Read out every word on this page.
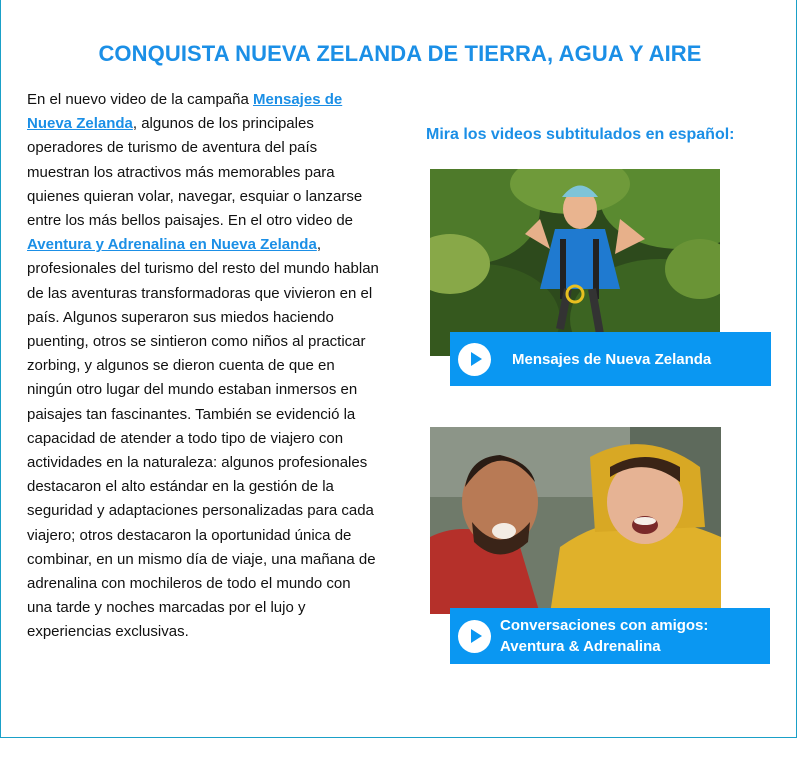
CONQUISTA NUEVA ZELANDA DE TIERRA, AGUA Y AIRE
En el nuevo video de la campaña Mensajes de Nueva Zelanda, algunos de los principales operadores de turismo de aventura del país muestran los atractivos más memorables para quienes quieran volar, navegar, esquiar o lanzarse entre los más bellos paisajes. En el otro video de Aventura y Adrenalina en Nueva Zelanda, profesionales del turismo del resto del mundo hablan de las aventuras transformadoras que vivieron en el país. Algunos superaron sus miedos haciendo puenting, otros se sintieron como niños al practicar zorbing, y algunos se dieron cuenta de que en ningún otro lugar del mundo estaban inmersos en paisajes tan fascinantes. También se evidenció la capacidad de atender a todo tipo de viajero con actividades en la naturaleza: algunos profesionales destacaron el alto estándar en la gestión de la seguridad y adaptaciones personalizadas para cada viajero; otros destacaron la oportunidad única de combinar, en un mismo día de viaje, una mañana de adrenalina con mochileros de todo el mundo con una tarde y noches marcadas por el lujo y experiencias exclusivas.
Mira los videos subtitulados en español:
Mensajes de Nueva Zelanda
Conversaciones con amigos:
Aventura & Adrenalina
